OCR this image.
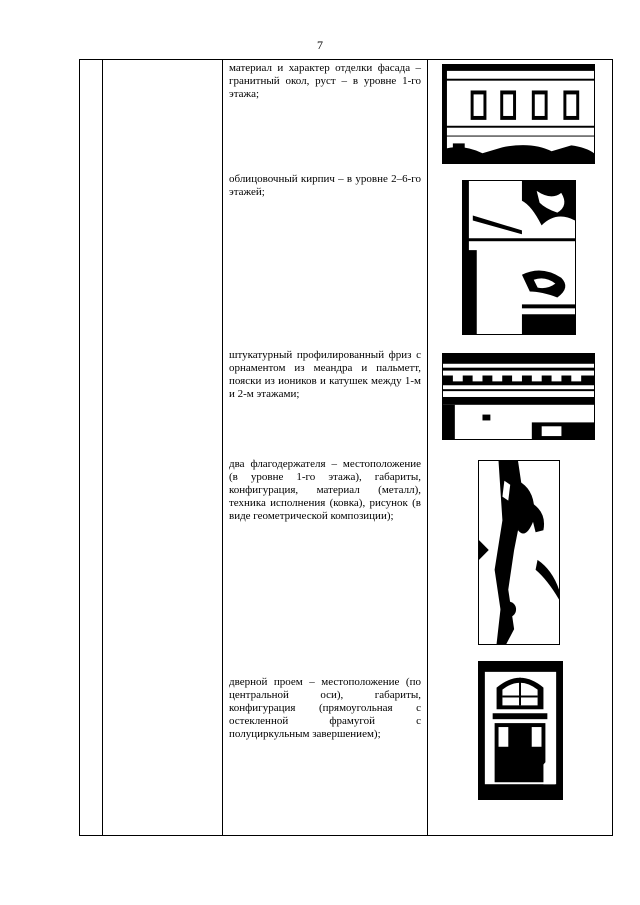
7
материал и характер отделки фасада – гранитный окол, руст – в уровне 1-го этажа;
облицовочный кирпич – в уровне 2–6-го этажей;
штукатурный профилированный фриз с орнаментом из меандра и пальметт, пояски из иоников и катушек между 1-м и 2-м этажами;
два флагодержателя – местоположение (в уровне 1-го этажа), габариты, конфигурация, материал (металл), техника исполнения (ковка), рисунок (в виде геометрической композиции);
дверной проем – местоположение (по центральной оси), габариты, конфигурация (прямоугольная с остекленной фрамугой с полуциркульным завершением);
